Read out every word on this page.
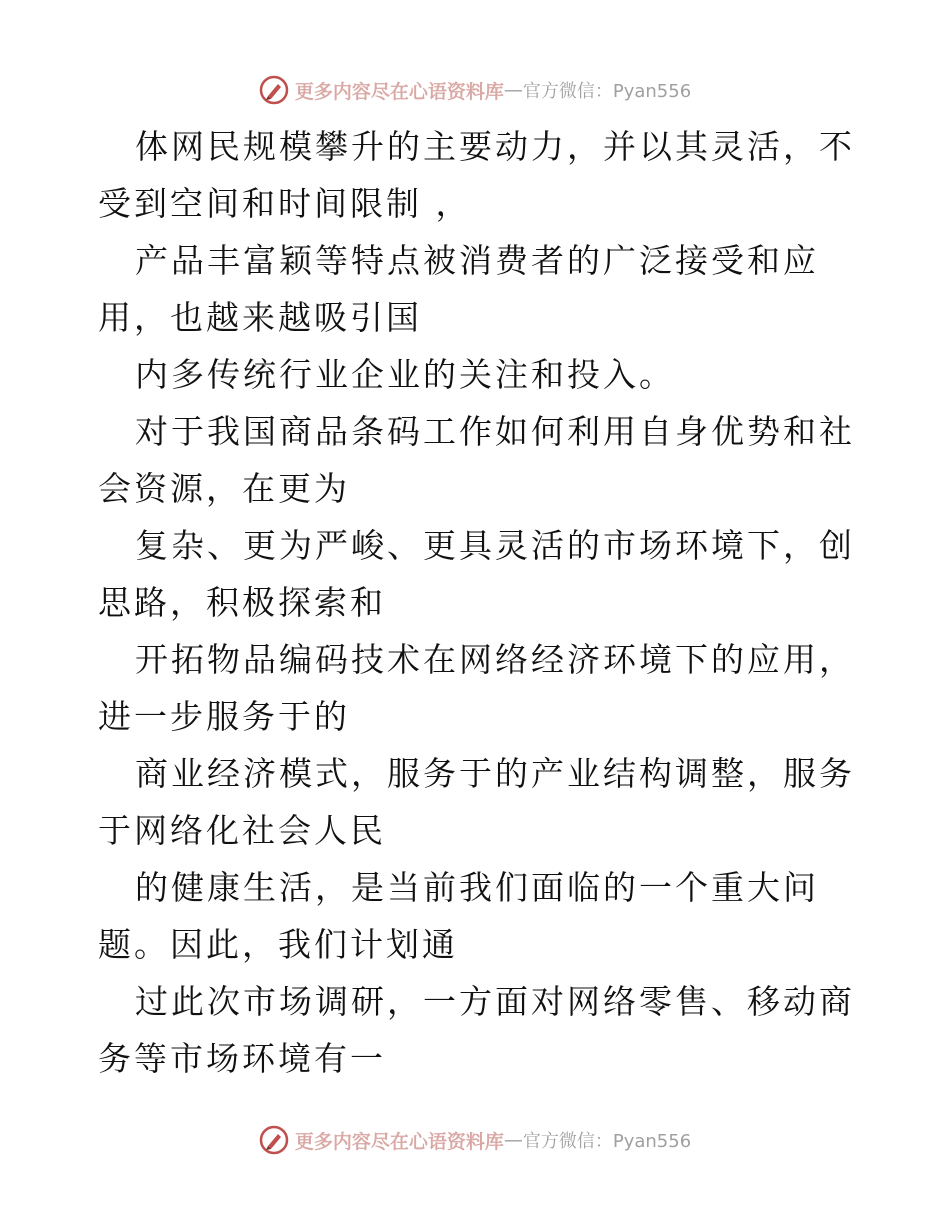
更多内容尽在心语资料库 — 官方微信：Pyan556

体网民规模攀升的主要动力，并以其灵活，不受到空间和时间限制 ，

产品丰富颖等特点被消费者的广泛接受和应用，也越来越吸引国

内多传统行业企业的关注和投入。

对于我国商品条码工作如何利用自身优势和社会资源，在更为

复杂、更为严峻、更具灵活的市场环境下，创思路，积极探索和

开拓物品编码技术在网络经济环境下的应用，进一步服务于的

商业经济模式，服务于的产业结构调整，服务于网络化社会人民

的健康生活，是当前我们面临的一个重大问题。因此，我们计划通

过此次市场调研，一方面对网络零售、移动商务等市场环境有一

更多内容尽在心语资料库 — 官方微信：Pyan556
